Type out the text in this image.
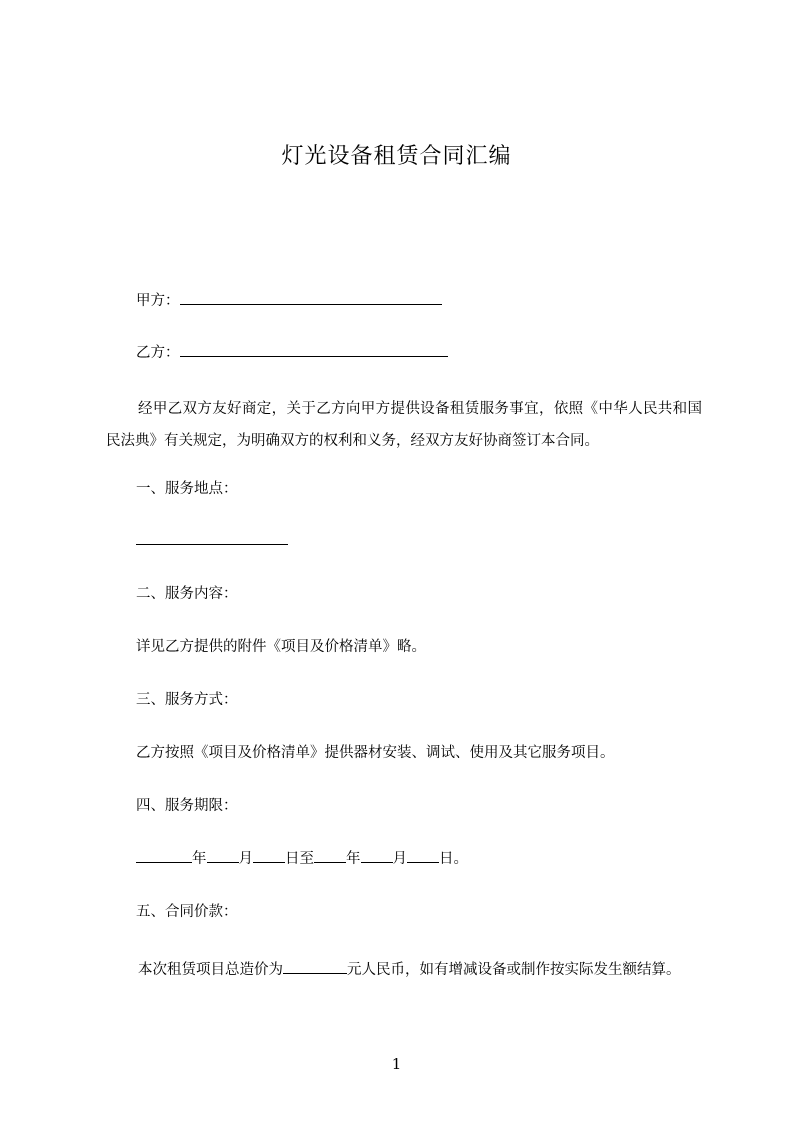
灯光设备租赁合同汇编
甲方：
乙方：
经甲乙双方友好商定，关于乙方向甲方提供设备租赁服务事宜，依照《中华人民共和国民法典》有关规定，为明确双方的权利和义务，经双方友好协商签订本合同。
一、服务地点：
二、服务内容：
详见乙方提供的附件《项目及价格清单》略。
三、服务方式：
乙方按照《项目及价格清单》提供器材安装、调试、使用及其它服务项目。
四、服务期限：
年 月 日至 年 月 日。
五、合同价款：
本次租赁项目总造价为	元人民币，如有增减设备或制作按实际发生额结算。
1
